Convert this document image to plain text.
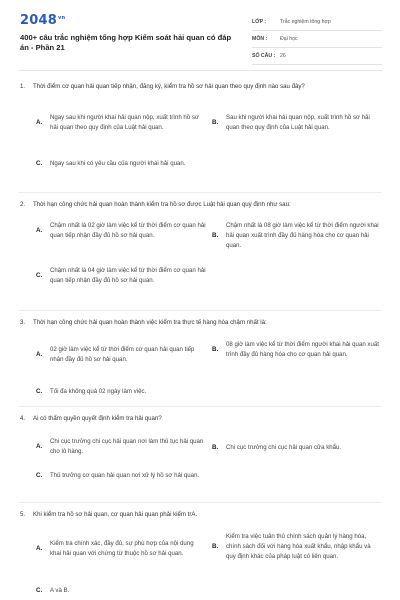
$2048^{vn}$
400+ câu trắc nghiệm tổng hợp Kiểm soát hải quan có đáp án - Phần 21
LỚP :	Trắc nghiệm tổng hợp
MÔN :	Đại học
SỐ CÂU : 26
1.	Thời điểm cơ quan hải quan tiếp nhận, đăng ký, kiểm tra hồ sơ hải quan theo quy định nào sau đây?
A.
Ngay sau khi người khai hải quan nộp, xuất trình hồ sơ hải quan theo quy định của Luật hải quan.
B.
Sau khi người khai hải quan nộp, xuất trình hồ sơ hải quan theo quy định của Luật hải quan.
C.	Ngay sau khi có yêu cầu của người khai hải quan.
2.	Thời hạn công chức hải quan hoàn thành kiểm tra hồ sơ được Luật hải quan quy định như sau:
A.
Chậm nhất là 02 giờ làm việc kể từ thời điểm cơ quan hải quan tiếp nhận đầy đủ hồ sơ hải quan.	B.
Chậm nhất là 08 giờ làm việc kể từ thời điểm người khai hải quan xuất trình đầy đủ hàng hóa cho cơ quan hải quan.
C.
Chậm nhất là 04 giờ làm việc kể từ thời điểm cơ quan hải quan tiếp nhận đầy đủ hồ sơ hải quan.
3.	Thời hạn công chức hải quan hoàn thành việc kiểm tra thực tế hàng hóa chậm nhất là:
A.
02 giờ làm việc kể từ thời điểm cơ quan hải quan tiếp nhận đầy đủ hồ sơ hải quan.
B.
08 giờ làm việc kể từ thời điểm người khai hải quan xuất trình đầy đủ hàng hóa cho cơ quan hải quan.
C.	Tối đa không quá 02 ngày làm việc.
4.	Ai có thẩm quyền quyết định kiểm tra hải quan?
A.
Chi cục trưởng chi cục hải quan nơi làm thủ tục hải quan cho lô hàng.
B.	Chi cục trưởng chi cục hải quan cửa khẩu.
C.	Thủ trưởng cơ quan hải quan nơi xử lý hồ sơ hải quan.
5.	Khi kiểm tra hồ sơ hải quan, cơ quan hải quan phải kiểm trA.
A.
Kiểm tra chính xác, đầy đủ, sự phù hợp của nội dung khai hải quan với chứng từ thuộc hồ sơ hải quan.
B.
Kiểm tra việc tuân thủ chính sách quản lý hàng hóa, chính sách đối với hàng hóa xuất khẩu, nhập khẩu và quy định khác của pháp luật có liên quan.
C.	A và B.
